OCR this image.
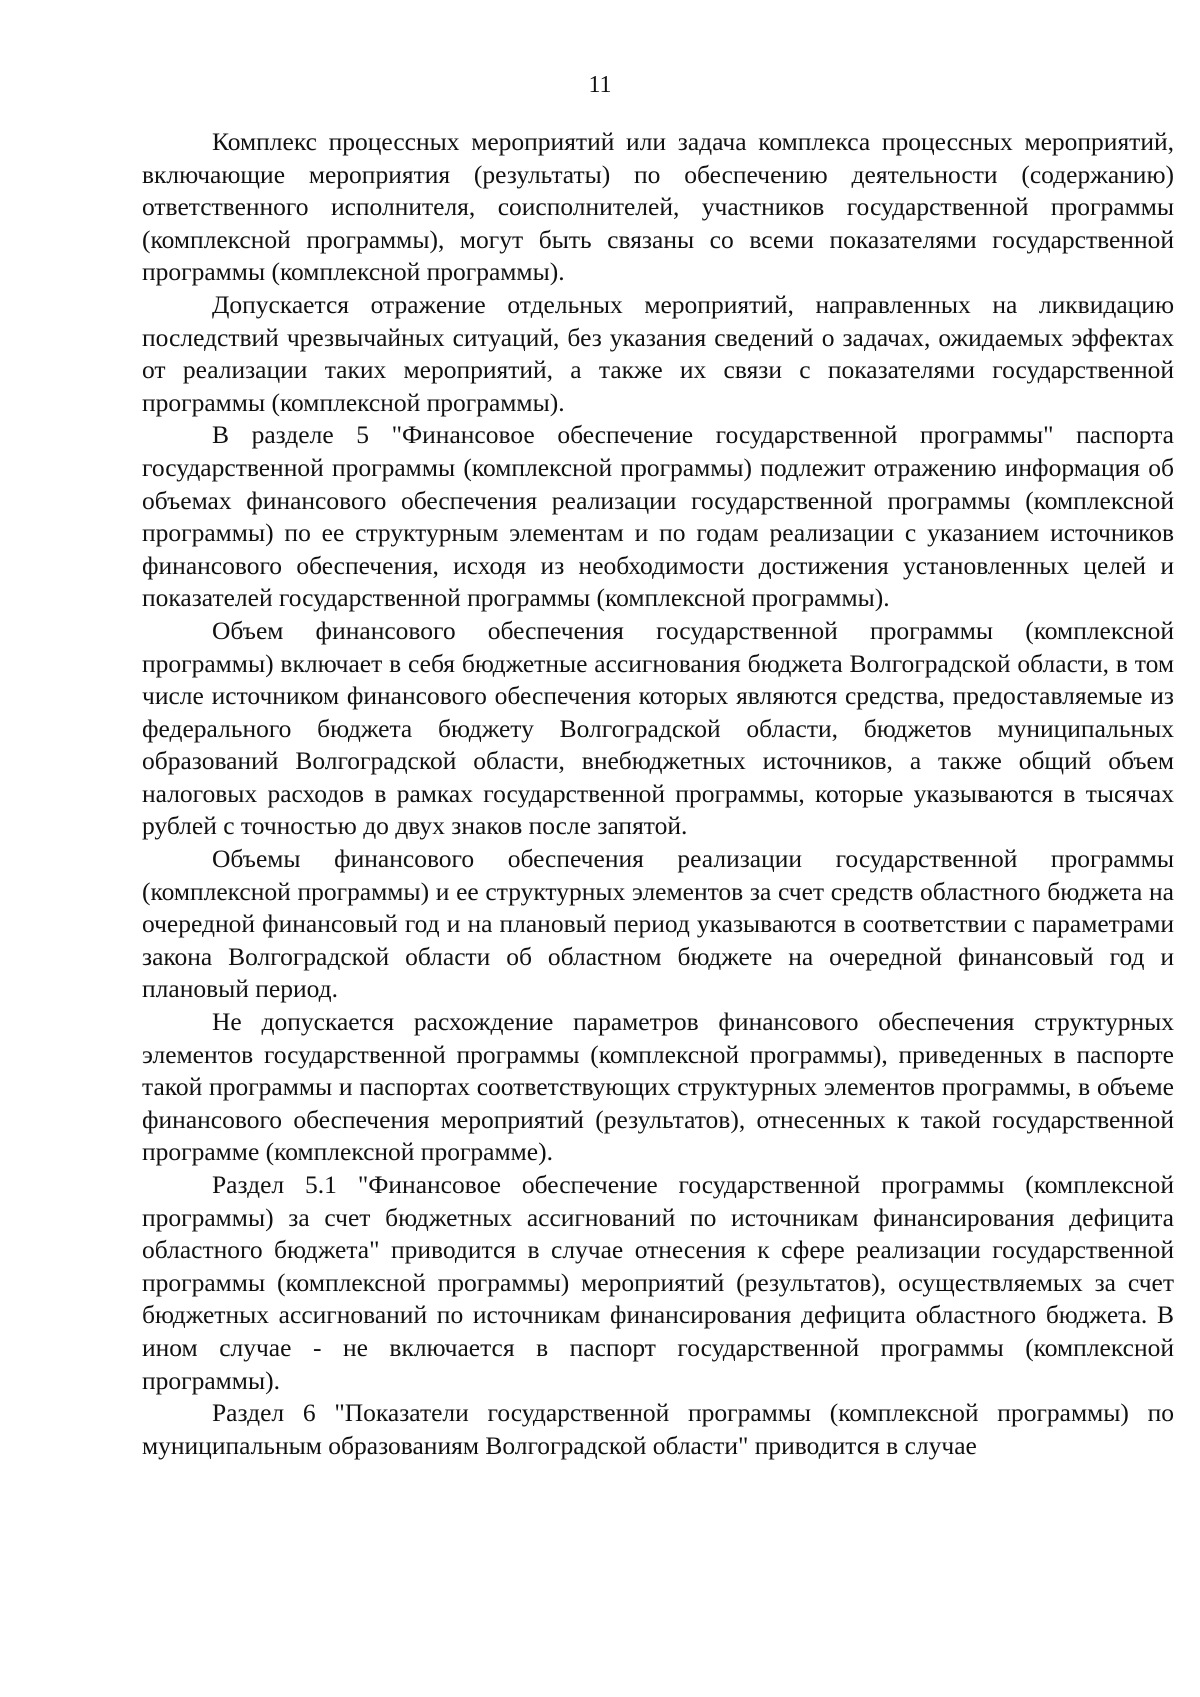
11

Комплекс процессных мероприятий или задача комплекса процессных мероприятий, включающие мероприятия (результаты) по обеспечению деятельности (содержанию) ответственного исполнителя, соисполнителей, участников государственной программы (комплексной программы), могут быть связаны со всеми показателями государственной программы (комплексной программы).

Допускается отражение отдельных мероприятий, направленных на ликвидацию последствий чрезвычайных ситуаций, без указания сведений о задачах, ожидаемых эффектах от реализации таких мероприятий, а также их связи с показателями государственной программы (комплексной программы).

В разделе 5 "Финансовое обеспечение государственной программы" паспорта государственной программы (комплексной программы) подлежит отражению информация об объемах финансового обеспечения реализации государственной программы (комплексной программы) по ее структурным элементам и по годам реализации с указанием источников финансового обеспечения, исходя из необходимости достижения установленных целей и показателей государственной программы (комплексной программы).

Объем финансового обеспечения государственной программы (комплексной программы) включает в себя бюджетные ассигнования бюджета Волгоградской области, в том числе источником финансового обеспечения которых являются средства, предоставляемые из федерального бюджета бюджету Волгоградской области, бюджетов муниципальных образований Волгоградской области, внебюджетных источников, а также общий объем налоговых расходов в рамках государственной программы, которые указываются в тысячах рублей с точностью до двух знаков после запятой.

Объемы финансового обеспечения реализации государственной программы (комплексной программы) и ее структурных элементов за счет средств областного бюджета на очередной финансовый год и на плановый период указываются в соответствии с параметрами закона Волгоградской области об областном бюджете на очередной финансовый год и плановый период.

Не допускается расхождение параметров финансового обеспечения структурных элементов государственной программы (комплексной программы), приведенных в паспорте такой программы и паспортах соответствующих структурных элементов программы, в объеме финансового обеспечения мероприятий (результатов), отнесенных к такой государственной программе (комплексной программе).

Раздел 5.1 "Финансовое обеспечение государственной программы (комплексной программы) за счет бюджетных ассигнований по источникам финансирования дефицита областного бюджета" приводится в случае отнесения к сфере реализации государственной программы (комплексной программы) мероприятий (результатов), осуществляемых за счет бюджетных ассигнований по источникам финансирования дефицита областного бюджета. В ином случае - не включается в паспорт государственной программы (комплексной программы).

Раздел 6 "Показатели государственной программы (комплексной программы) по муниципальным образованиям Волгоградской области" приводится в случае
